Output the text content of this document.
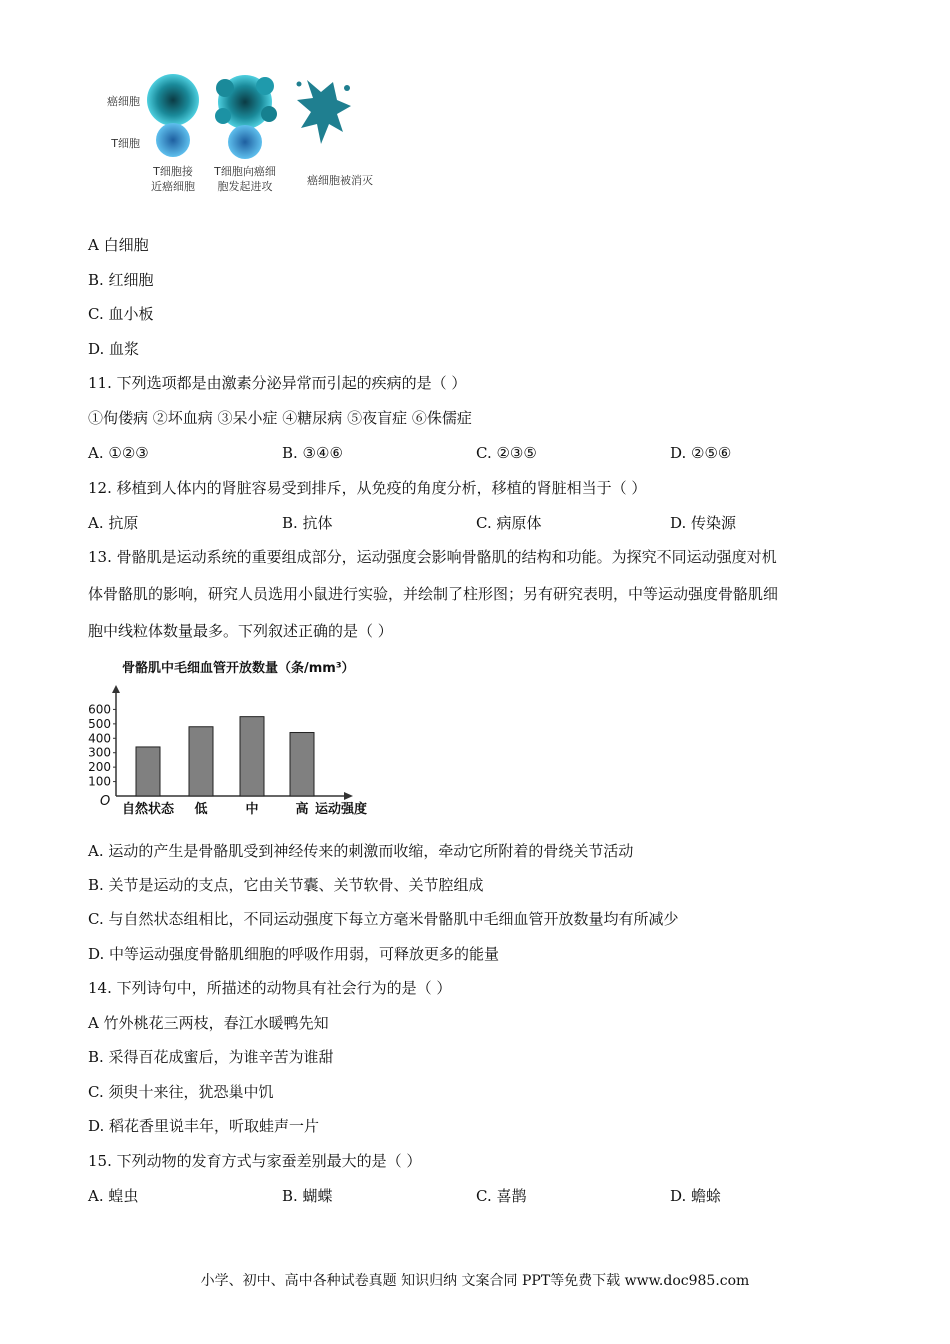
癌细胞
T细胞
T细胞接
近癌细胞
T细胞向癌细
胞发起进攻	癌细胞被消灭
A 白细胞
B. 红细胞
C. 血小板
D. 血浆
11. 下列选项都是由激素分泌异常而引起的疾病的是（ ）
①佝偻病 ②坏血病 ③呆小症 ④糖尿病 ⑤夜盲症 ⑥侏儒症
A. ①②③	B. ③④⑥	C. ②③⑤	D. ②⑤⑥
12. 移植到人体内的肾脏容易受到排斥，从免疫的角度分析，移植的肾脏相当于（ ）
A. 抗原	B. 抗体	C. 病原体	D. 传染源
13. 骨骼肌是运动系统的重要组成部分，运动强度会影响骨骼肌的结构和功能。为探究不同运动强度对机
体骨骼肌的影响，研究人员选用小鼠进行实验，并绘制了柱形图；另有研究表明，中等运动强度骨骼肌细
胞中线粒体数量最多。下列叙述正确的是（ ）
骨骼肌中毛细血管开放数量（条/mm³）
100
200
300
400
500
600
自然状态 低	中	高
O
运动强度
A. 运动的产生是骨骼肌受到神经传来的刺激而收缩，牵动它所附着的骨绕关节活动
B. 关节是运动的支点，它由关节囊、关节软骨、关节腔组成
C. 与自然状态组相比，不同运动强度下每立方毫米骨骼肌中毛细血管开放数量均有所减少
D. 中等运动强度骨骼肌细胞的呼吸作用弱，可释放更多的能量
14. 下列诗句中，所描述的动物具有社会行为的是（ ）
A 竹外桃花三两枝，春江水暖鸭先知
B. 采得百花成蜜后，为谁辛苦为谁甜
C. 须臾十来往，犹恐巢中饥
D. 稻花香里说丰年，听取蛙声一片
15. 下列动物的发育方式与家蚕差别最大的是（ ）
A. 蝗虫	B. 蝴蝶	C. 喜鹊	D. 蟾蜍
小学、初中、高中各种试卷真题 知识归纳 文案合同 PPT等免费下载 www.doc985.com
